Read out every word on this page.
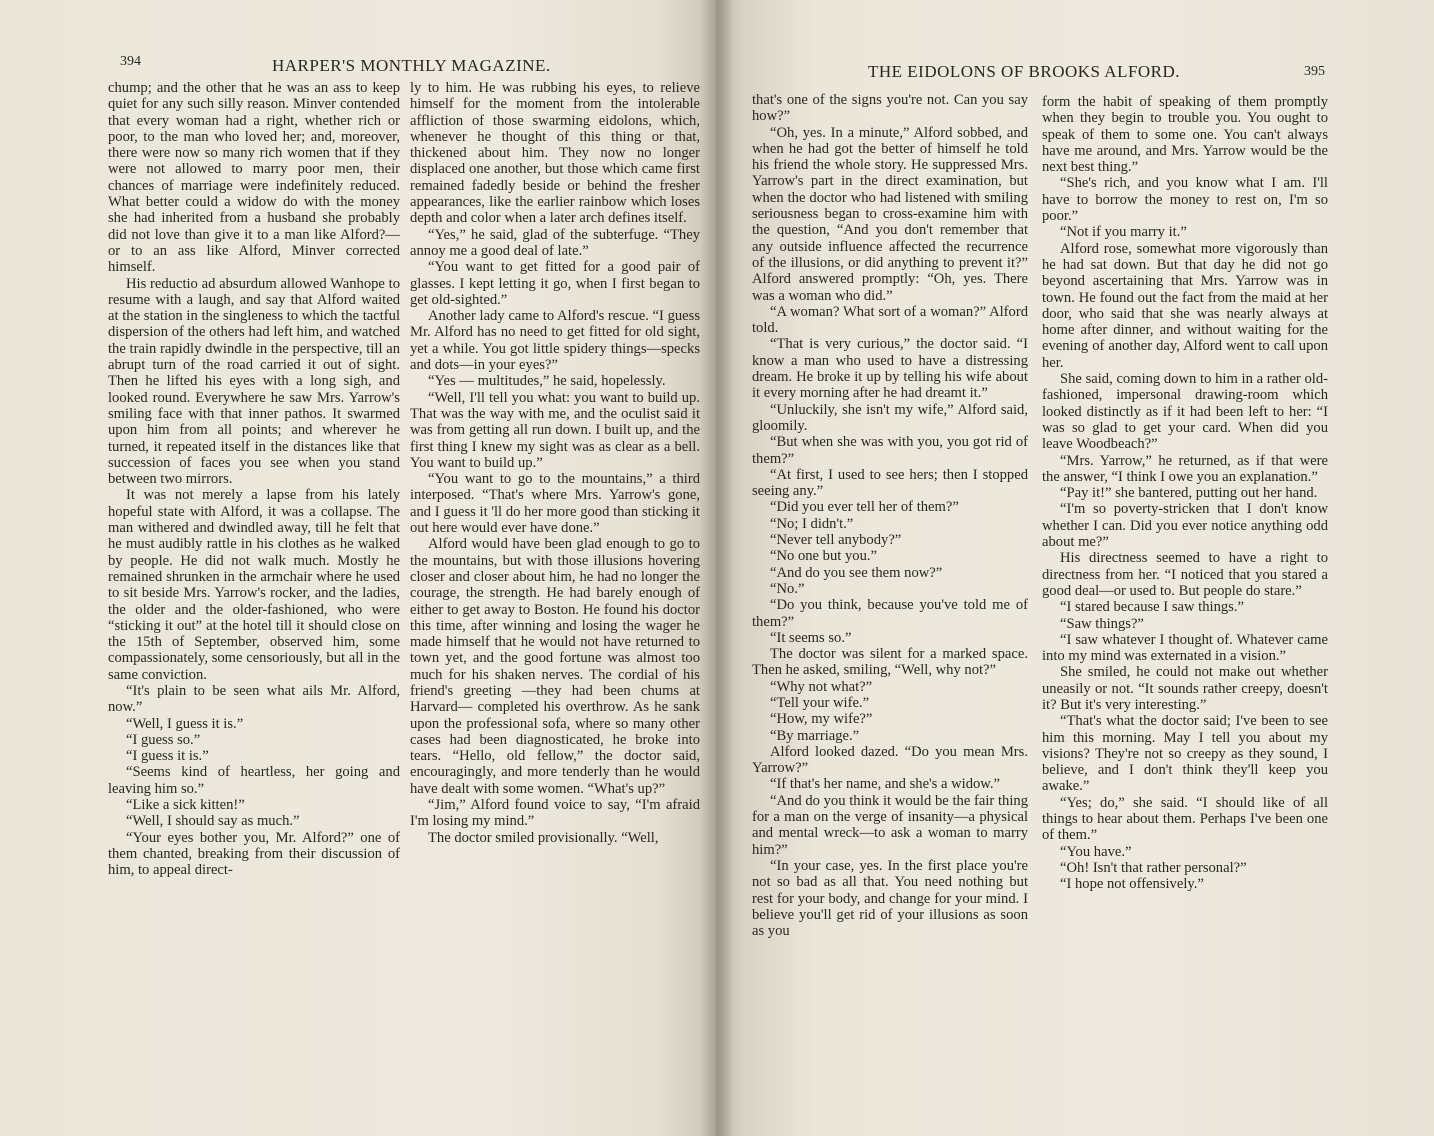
394	HARPER'S MONTHLY MAGAZINE.

chump; and the other that he was an ass to keep quiet for any such silly reason. Minver contended that every woman had a right, whether rich or poor, to the man who loved her; and, moreover, there were now so many rich women that if they were not allowed to marry poor men, their chances of marriage were indefinitely reduced. What better could a widow do with the money she had inherited from a husband she probably did not love than give it to a man like Alford?—or to an ass like Alford, Minver corrected himself.

His reductio ad absurdum allowed Wanhope to resume with a laugh, and say that Alford waited at the station in the singleness to which the tactful dispersion of the others had left him, and watched the train rapidly dwindle in the perspective, till an abrupt turn of the road carried it out of sight. Then he lifted his eyes with a long sigh, and looked round. Everywhere he saw Mrs. Yarrow's smiling face with that inner pathos. It swarmed upon him from all points; and wherever he turned, it repeated itself in the distances like that succession of faces you see when you stand between two mirrors.

It was not merely a lapse from his lately hopeful state with Alford, it was a collapse. The man withered and dwindled away, till he felt that he must audibly rattle in his clothes as he walked by people. He did not walk much. Mostly he remained shrunken in the armchair where he used to sit beside Mrs. Yarrow's rocker, and the ladies, the older and the older-fashioned, who were “sticking it out” at the hotel till it should close on the 15th of September, observed him, some compassionately, some censoriously, but all in the same conviction.

“It's plain to be seen what ails Mr. Alford, now.”

“Well, I guess it is.”

“I guess so.”

“I guess it is.”

“Seems kind of heartless, her going and leaving him so.”

“Like a sick kitten!”

“Well, I should say as much.”

“Your eyes bother you, Mr. Alford?” one of them chanted, breaking from their discussion of him, to appeal direct-

ly to him. He was rubbing his eyes, to relieve himself for the moment from the intolerable affliction of those swarming eidolons, which, whenever he thought of this thing or that, thickened about him. They now no longer displaced one another, but those which came first remained fadedly beside or behind the fresher appearances, like the earlier rainbow which loses depth and color when a later arch defines itself.

“Yes,” he said, glad of the subterfuge. “They annoy me a good deal of late.”

“You want to get fitted for a good pair of glasses. I kept letting it go, when I first began to get old-sighted.”

Another lady came to Alford's rescue. “I guess Mr. Alford has no need to get fitted for old sight, yet a while. You got little spidery things—specks and dots—in your eyes?”

“Yes — multitudes,” he said, hopelessly.

“Well, I'll tell you what: you want to build up. That was the way with me, and the oculist said it was from getting all run down. I built up, and the first thing I knew my sight was as clear as a bell. You want to build up.”

“You want to go to the mountains,” a third interposed. “That's where Mrs. Yarrow's gone, and I guess it 'll do her more good than sticking it out here would ever have done.”

Alford would have been glad enough to go to the mountains, but with those illusions hovering closer and closer about him, he had no longer the courage, the strength. He had barely enough of either to get away to Boston. He found his doctor this time, after winning and losing the wager he made himself that he would not have returned to town yet, and the good fortune was almost too much for his shaken nerves. The cordial of his friend's greeting —they had been chums at Harvard— completed his overthrow. As he sank upon the professional sofa, where so many other cases had been diagnosticated, he broke into tears. “Hello, old fellow,” the doctor said, encouragingly, and more tenderly than he would have dealt with some women. “What's up?”

“Jim,” Alford found voice to say, “I'm afraid I'm losing my mind.”

The doctor smiled provisionally. “Well,

THE EIDOLONS OF BROOKS ALFORD.	395

that's one of the signs you're not. Can you say how?”

“Oh, yes. In a minute,” Alford sobbed, and when he had got the better of himself he told his friend the whole story. He suppressed Mrs. Yarrow's part in the direct examination, but when the doctor who had listened with smiling seriousness began to cross-examine him with the question, “And you don't remember that any outside influence affected the recurrence of the illusions, or did anything to prevent it?” Alford answered promptly: “Oh, yes. There was a woman who did.”

“A woman? What sort of a woman?” Alford told.

“That is very curious,” the doctor said. “I know a man who used to have a distressing dream. He broke it up by telling his wife about it every morning after he had dreamt it.”

“Unluckily, she isn't my wife,” Alford said, gloomily.

“But when she was with you, you got rid of them?”

“At first, I used to see hers; then I stopped seeing any.”

“Did you ever tell her of them?”

“No; I didn't.”

“Never tell anybody?”

“No one but you.”

“And do you see them now?”

“No.”

“Do you think, because you've told me of them?”

“It seems so.”

The doctor was silent for a marked space. Then he asked, smiling, “Well, why not?”

“Why not what?”

“Tell your wife.”

“How, my wife?”

“By marriage.”

Alford looked dazed. “Do you mean Mrs. Yarrow?”

“If that's her name, and she's a widow.”

“And do you think it would be the fair thing for a man on the verge of insanity—a physical and mental wreck—to ask a woman to marry him?”

“In your case, yes. In the first place you're not so bad as all that. You need nothing but rest for your body, and change for your mind. I believe you'll get rid of your illusions as soon as you

form the habit of speaking of them promptly when they begin to trouble you. You ought to speak of them to some one. You can't always have me around, and Mrs. Yarrow would be the next best thing.”

“She's rich, and you know what I am. I'll have to borrow the money to rest on, I'm so poor.”

“Not if you marry it.”

Alford rose, somewhat more vigorously than he had sat down. But that day he did not go beyond ascertaining that Mrs. Yarrow was in town. He found out the fact from the maid at her door, who said that she was nearly always at home after dinner, and without waiting for the evening of another day, Alford went to call upon her.

She said, coming down to him in a rather old-fashioned, impersonal drawing-room which looked distinctly as if it had been left to her: “I was so glad to get your card. When did you leave Woodbeach?”

“Mrs. Yarrow,” he returned, as if that were the answer, “I think I owe you an explanation.”

“Pay it!” she bantered, putting out her hand.

“I'm so poverty-stricken that I don't know whether I can. Did you ever notice anything odd about me?”

His directness seemed to have a right to directness from her. “I noticed that you stared a good deal—or used to. But people do stare.”

“I stared because I saw things.”

“Saw things?”

“I saw whatever I thought of. Whatever came into my mind was externated in a vision.”

She smiled, he could not make out whether uneasily or not. “It sounds rather creepy, doesn't it? But it's very interesting.”

“That's what the doctor said; I've been to see him this morning. May I tell you about my visions? They're not so creepy as they sound, I believe, and I don't think they'll keep you awake.”

“Yes; do,” she said. “I should like of all things to hear about them. Perhaps I've been one of them.”

“You have.”

“Oh! Isn't that rather personal?”

“I hope not offensively.”
